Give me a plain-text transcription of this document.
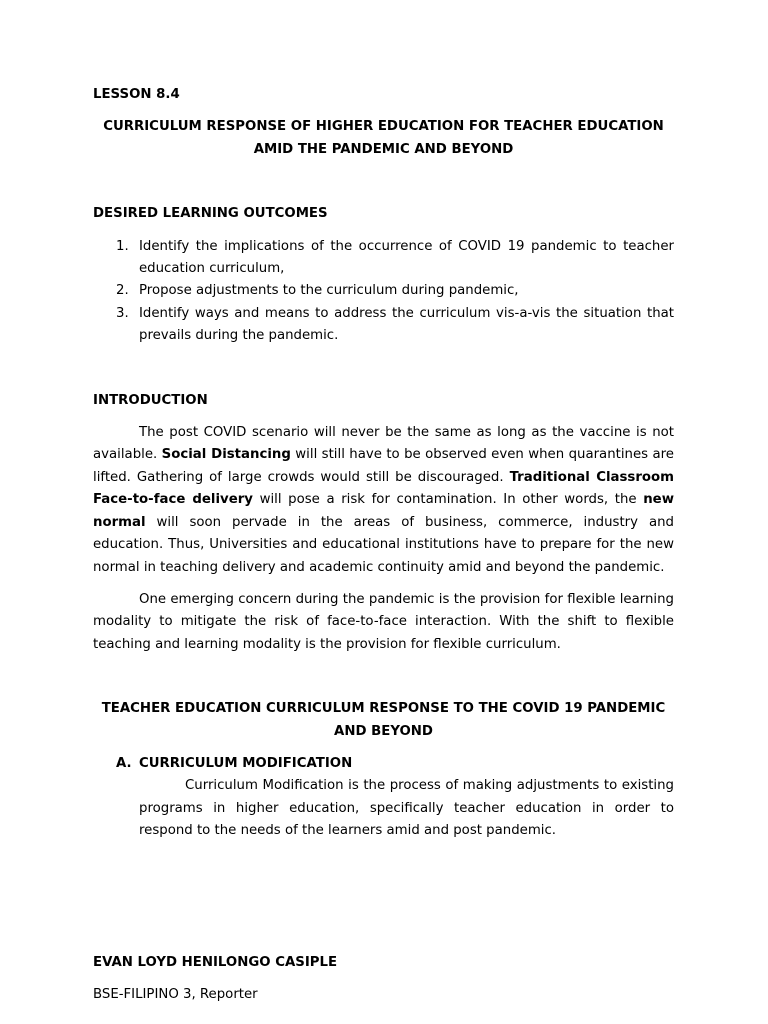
LESSON 8.4

CURRICULUM RESPONSE OF HIGHER EDUCATION FOR TEACHER EDUCATION
AMID THE PANDEMIC AND BEYOND

DESIRED LEARNING OUTCOMES

1. Identify the implications of the occurrence of COVID 19 pandemic to teacher education curriculum,
2. Propose adjustments to the curriculum during pandemic,
3. Identify ways and means to address the curriculum vis-a-vis the situation that prevails during the pandemic.

INTRODUCTION

The post COVID scenario will never be the same as long as the vaccine is not available. Social Distancing will still have to be observed even when quarantines are lifted. Gathering of large crowds would still be discouraged. Traditional Classroom Face-to-face delivery will pose a risk for contamination. In other words, the new normal will soon pervade in the areas of business, commerce, industry and education. Thus, Universities and educational institutions have to prepare for the new normal in teaching delivery and academic continuity amid and beyond the pandemic.

One emerging concern during the pandemic is the provision for flexible learning modality to mitigate the risk of face-to-face interaction. With the shift to flexible teaching and learning modality is the provision for flexible curriculum.

TEACHER EDUCATION CURRICULUM RESPONSE TO THE COVID 19 PANDEMIC
AND BEYOND
A. CURRICULUM MODIFICATION

Curriculum Modification is the process of making adjustments to existing programs in higher education, specifically teacher education in order to respond to the needs of the learners amid and post pandemic.

EVAN LOYD HENILONGO CASIPLE

BSE-FILIPINO 3, Reporter
